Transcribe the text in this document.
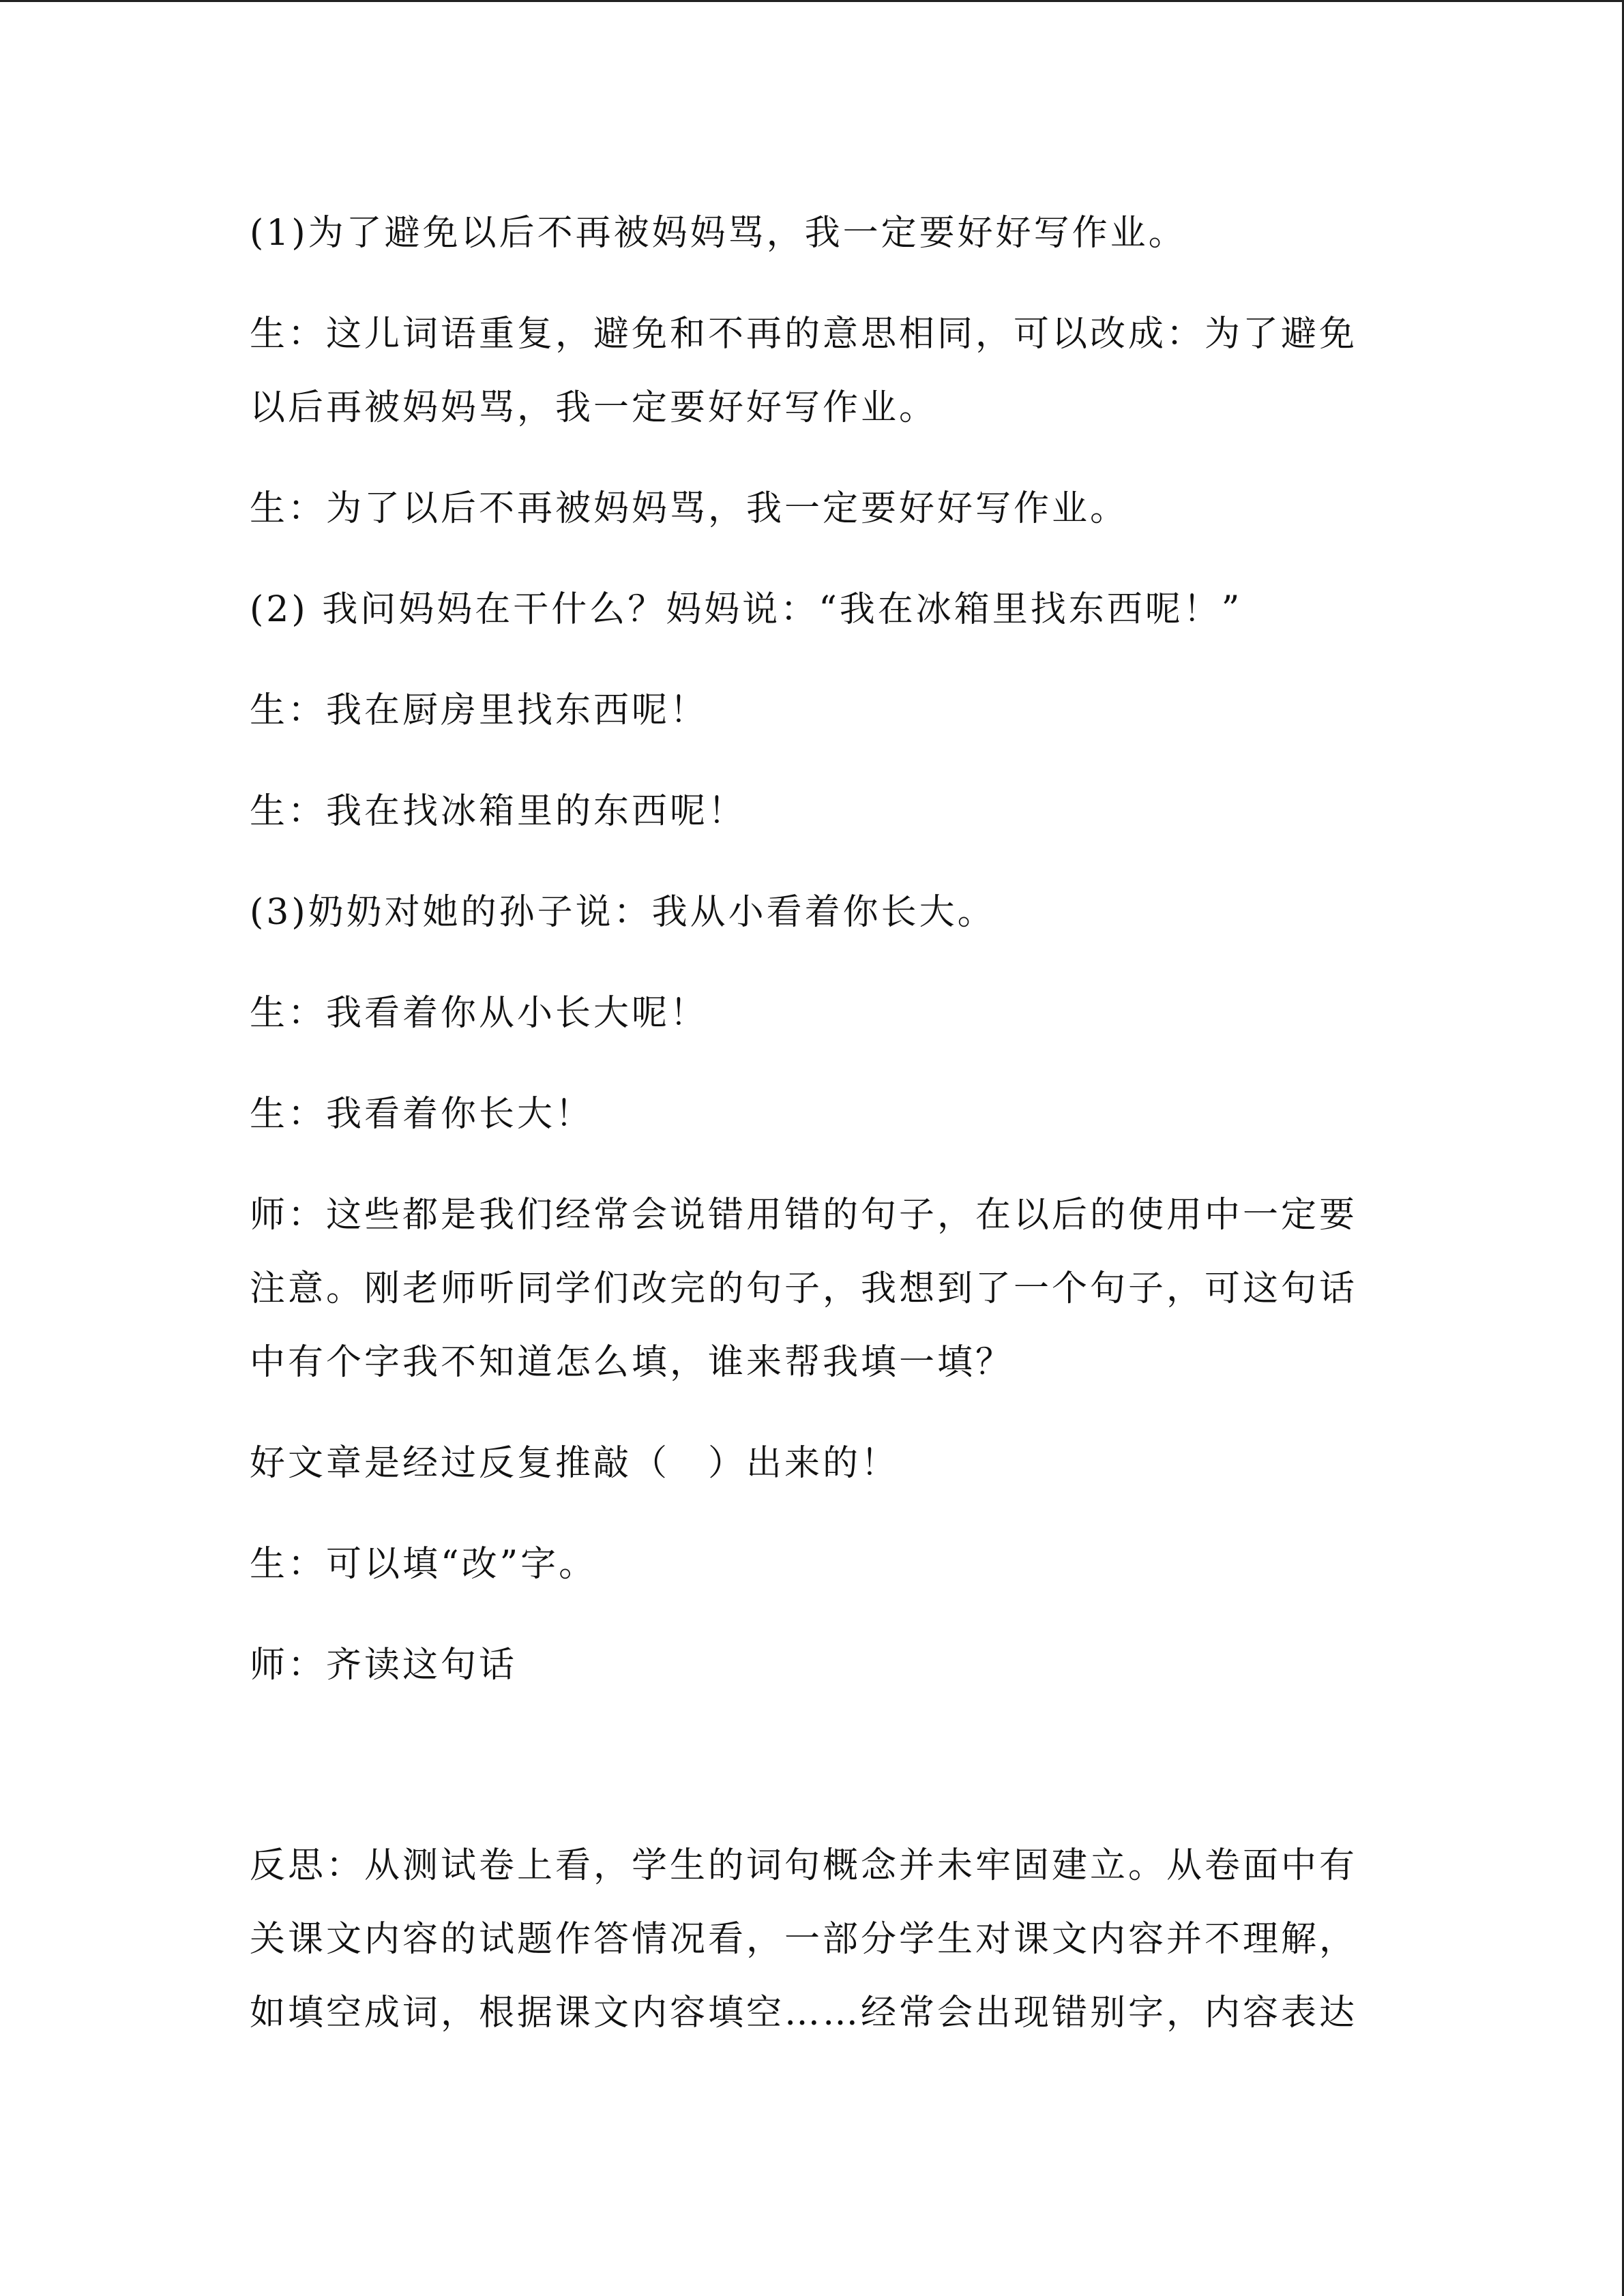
(1)为了避免以后不再被妈妈骂，我一定要好好写作业。

生：这儿词语重复，避免和不再的意思相同，可以改成：为了避免以后再被妈妈骂，我一定要好好写作业。

生：为了以后不再被妈妈骂，我一定要好好写作业。

(2) 我问妈妈在干什么？妈妈说：“我在冰箱里找东西呢！”

生：我在厨房里找东西呢！

生：我在找冰箱里的东西呢！

(3)奶奶对她的孙子说：我从小看着你长大。

生：我看着你从小长大呢！

生：我看着你长大！

师：这些都是我们经常会说错用错的句子，在以后的使用中一定要注意。刚老师听同学们改完的句子，我想到了一个句子，可这句话中有个字我不知道怎么填，谁来帮我填一填？

好文章是经过反复推敲（　）出来的！

生：可以填“改”字。

师：齐读这句话

反思：从测试卷上看，学生的词句概念并未牢固建立。从卷面中有关课文内容的试题作答情况看，一部分学生对课文内容并不理解，如填空成词，根据课文内容填空……经常会出现错别字，内容表达
